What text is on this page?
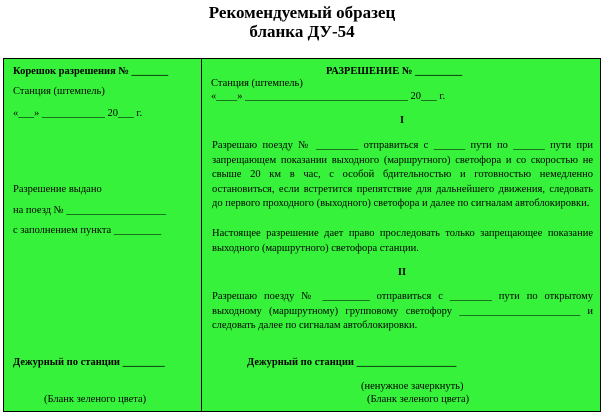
Рекомендуемый образец
бланка ДУ-54
Корешок разрешения № _______
Станция (штемпель)
«___» ____________ 20___ г.
Разрешение выдано
на поезд № ___________________
с заполнением пункта _________
Дежурный по станции ________
(Бланк зеленого цвета)
РАЗРЕШЕНИЕ № _________
Станция (штемпель)
«____» _______________________________ 20___ г.
I
Разрешаю поезду № ________ отправиться с ______ пути по ______ пути при запрещающем показании выходного (маршрутного) светофора и со скоростью не свыше 20 км в час, с особой бдительностью и готовностью немедленно остановиться, если встретится препятствие для дальнейшего движения, следовать до первого проходного (выходного) светофора и далее по сигналам автоблокировки.
Настоящее разрешение дает право проследовать только запрещающее показание выходного (маршрутного) светофора станции.
II
Разрешаю поезду № _________ отправиться с ________ пути по открытому выходному (маршрутному) групповому светофору _______________________ и следовать далее по сигналам автоблокировки.
Дежурный по станции ___________________
(ненужное зачеркнуть)
(Бланк зеленого цвета)
